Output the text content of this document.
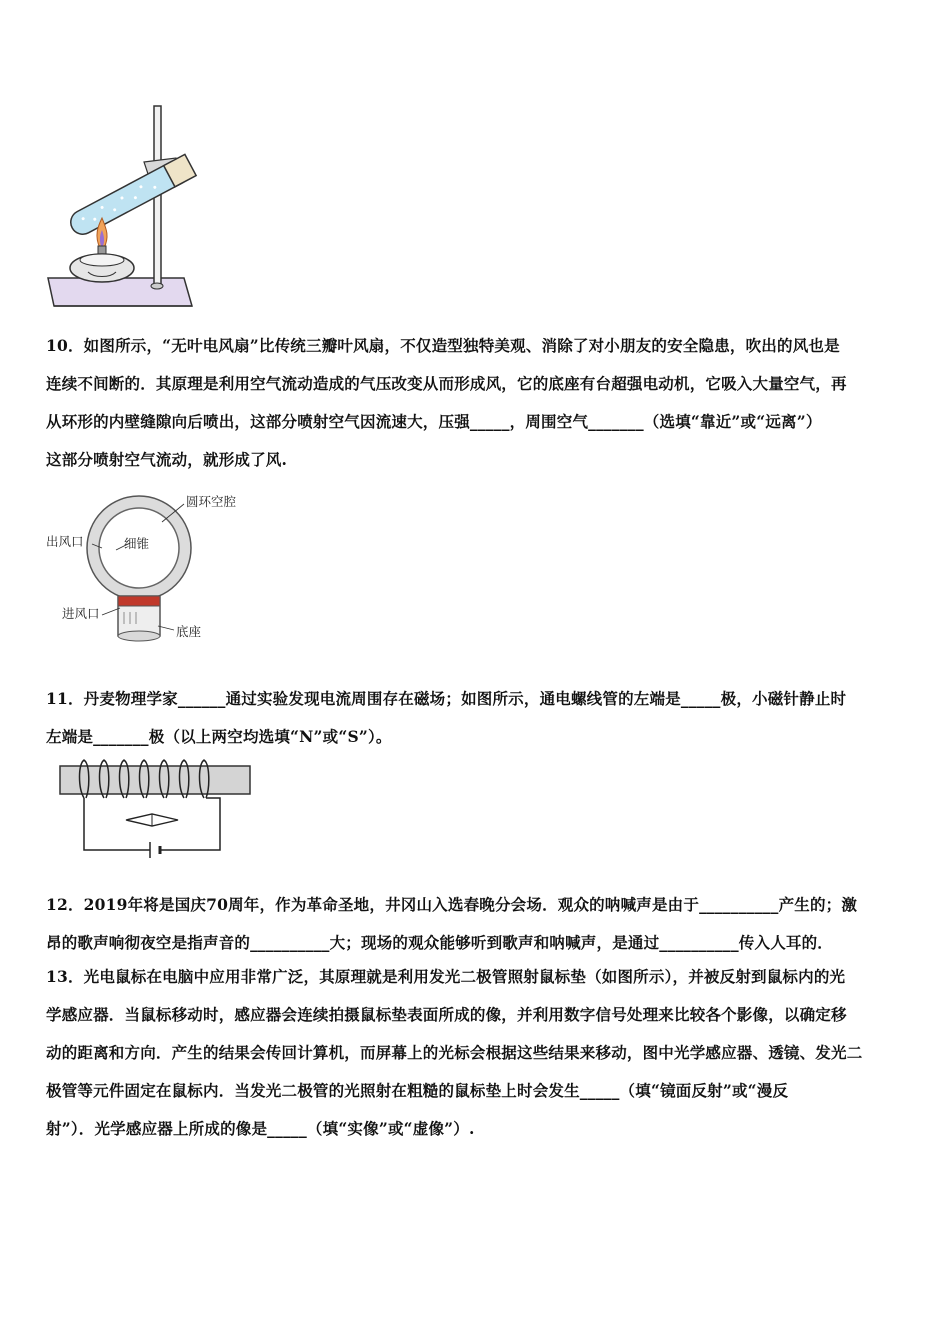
10．如图所示，“无叶电风扇”比传统三瓣叶风扇，不仅造型独特美观、消除了对小朋友的安全隐患，吹出的风也是
连续不间断的．其原理是利用空气流动造成的气压改变从而形成风，它的底座有台超强电动机，它吸入大量空气，再
从环形的内壁缝隙向后喷出，这部分喷射空气因流速大，压强_____，周围空气_______（选填“靠近”或“远离”）
这部分喷射空气流动，就形成了风.
圆环空腔
出风口	细锥
进风口
底座
11．丹麦物理学家______通过实验发现电流周围存在磁场；如图所示，通电螺线管的左端是_____极，小磁针静止时
左端是_______极（以上两空均选填“N”或“S”）。
12．2019年将是国庆70周年，作为革命圣地，井冈山入选春晚分会场．观众的呐喊声是由于__________产生的；激
昂的歌声响彻夜空是指声音的__________大；现场的观众能够听到歌声和呐喊声，是通过__________传入人耳的．
13．光电鼠标在电脑中应用非常广泛，其原理就是利用发光二极管照射鼠标垫（如图所示），并被反射到鼠标内的光
学感应器．当鼠标移动时，感应器会连续拍摄鼠标垫表面所成的像，并利用数字信号处理来比较各个影像，以确定移
动的距离和方向．产生的结果会传回计算机，而屏幕上的光标会根据这些结果来移动，图中光学感应器、透镜、发光二
极管等元件固定在鼠标内．当发光二极管的光照射在粗糙的鼠标垫上时会发生_____（填“镜面反射”或“漫反
射”）．光学感应器上所成的像是_____（填“实像”或“虚像”）.
